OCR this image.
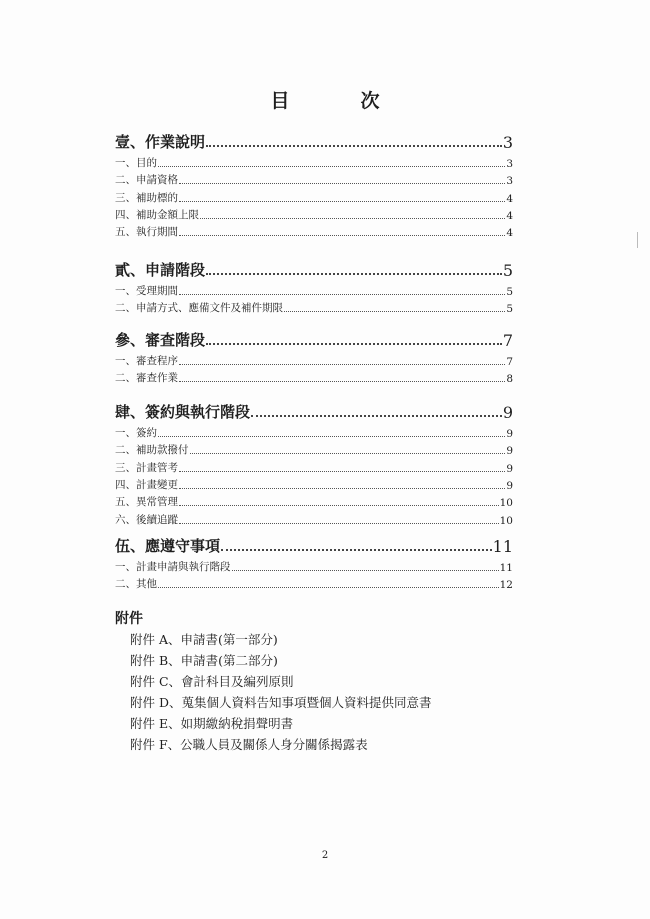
目　次
壹、作業說明	3
一、目的	3
二、申請資格	3
三、補助標的	4
四、補助金額上限	4
五、執行期間	4
貳、申請階段	5
一、受理期間	5
二、申請方式、應備文件及補件期限	5
參、審查階段	7
一、審查程序	7
二、審查作業	8
肆、簽約與執行階段	9
一、簽約	9
二、補助款撥付	9
三、計畫管考	9
四、計畫變更	9
五、異常管理	10
六、後續追蹤	10
伍、應遵守事項	11
一、計畫申請與執行階段	11
二、其他	12
附件
附件 A、申請書(第一部分)
附件 B、申請書(第二部分)
附件 C、會計科目及編列原則
附件 D、蒐集個人資料告知事項暨個人資料提供同意書
附件 E、如期繳納稅捐聲明書
附件 F、公職人員及關係人身分關係揭露表
2
